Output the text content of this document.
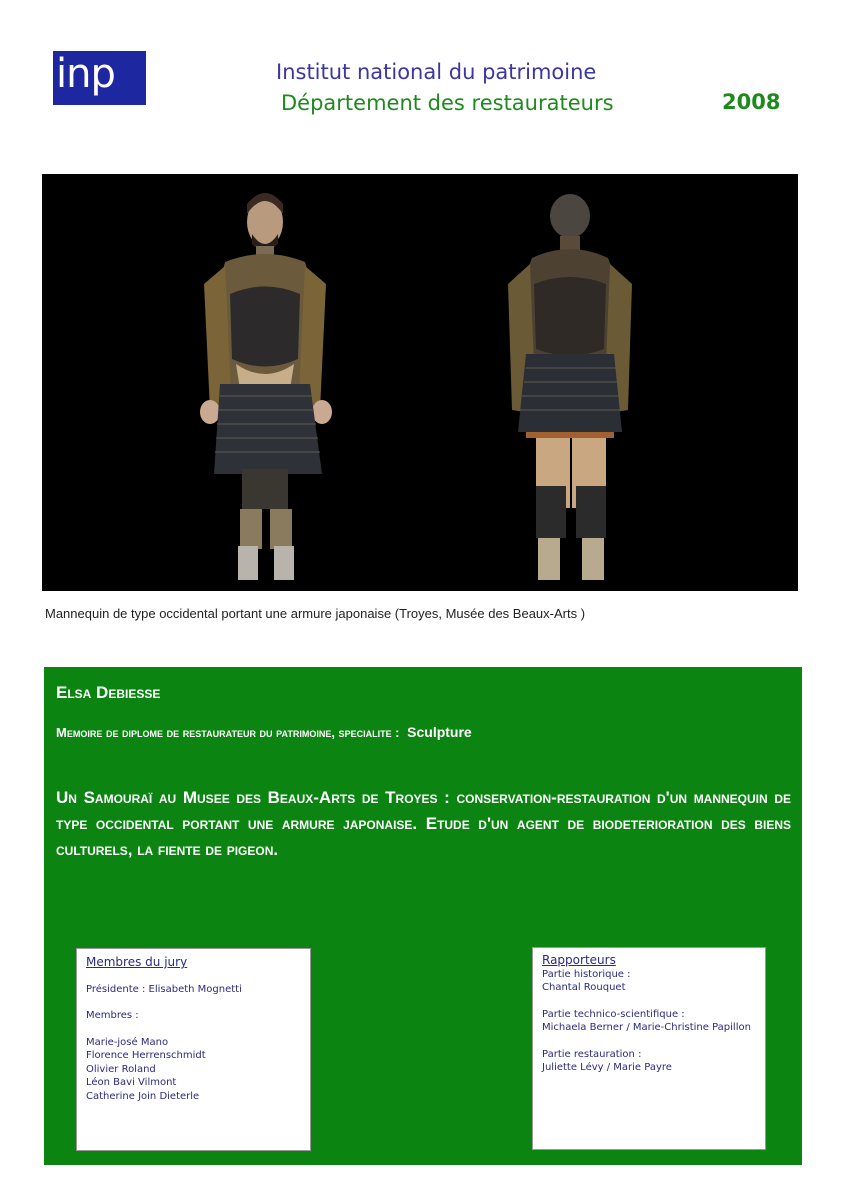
inp	Institut national du patrimoine
Département des restaurateurs	2008
Mannequin de type occidental portant une armure japonaise (Troyes, Musée des Beaux-Arts )
Elsa Debiesse
Memoire de diplome de restaurateur du patrimoine, specialite : Sculpture
Un Samouraï au Musee des Beaux-Arts de Troyes : conservation-restauration d'un mannequin de type occidental portant une armure japonaise. Etude d'un agent de biodeterioration des biens culturels, la fiente de pigeon.
Membres du jury
Présidente : Elisabeth Mognetti
Membres :
Marie-josé Mano
Florence Herrenschmidt
Olivier Roland
Léon Bavi Vilmont
Catherine Join Dieterle
Rapporteurs
Partie historique :
Chantal Rouquet
Partie technico-scientifique :
Michaela Berner / Marie-Christine Papillon
Partie restauration :
Juliette Lévy / Marie Payre
